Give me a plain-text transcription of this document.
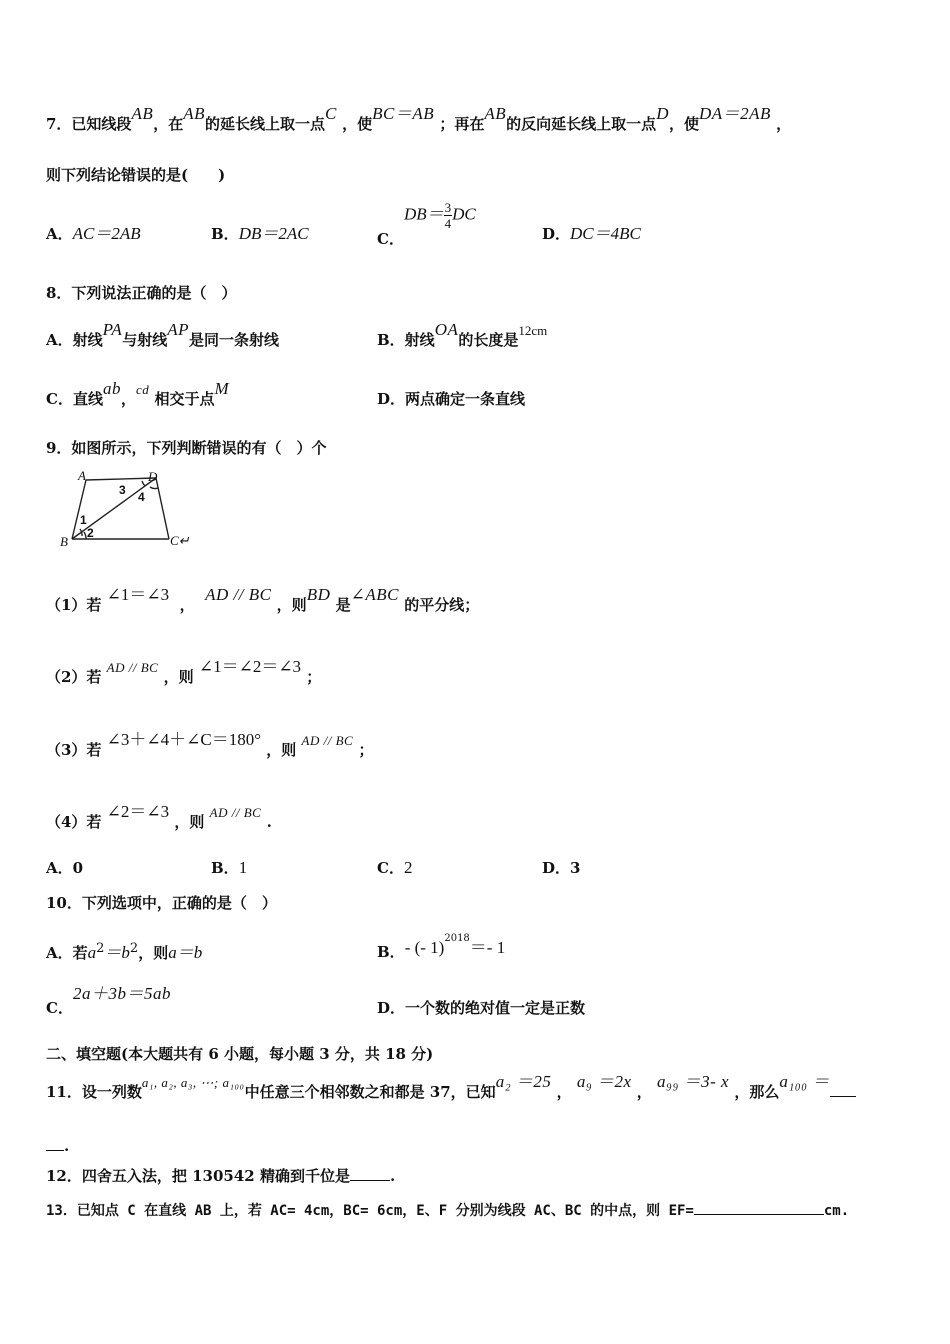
7．已知线段AB，在AB的延长线上取一点C ，使BC＝AB ；再在AB的反向延长线上取一点D，使DA＝2AB ，
则下列结论错误的是(　　)
A．AC＝2AB	B．DB＝2AC	C．$DB= \frac{3}{4}$ DC
D．DC＝4BC
8．下列说法正确的是（　）
A．射线PA与射线AP是同一条射线	B．射线OA的长度是12cm
C．直线ab，cd 相交于点M
D．两点确定一条直线
9．如图所示，下列判断错误的有（　）个
A	D
B	C↵
1
2
3 4
（1）若 ∠1＝∠3  ，  AD // BC ，则BD 是∠ABC 的平分线；
（2）若 AD // BC ，则 ∠1＝∠2＝∠3 ；
（3）若 ∠3＋∠4＋∠C＝180° ，则 AD // BC ；
（4）若 ∠2＝∠3 ，则 AD // BC .
A．0	B．1	C．2	D．3
10．下列选项中，正确的是（　）
A．若$a^2=b^2$，则a＝b	B．- (- 1)$^{2018}$＝- 1
C．2a＋3b＝5ab
D．一个数的绝对值一定是正数
二、填空题(本大题共有 6 小题，每小题 3 分，共 18 分)
11．设一列数a₁, a₂, a₃, ⋯; a₁₀₀中任意三个相邻数之和都是 37，已知a₂ ＝25 ， a₉ ＝2x ， a₉₉ ＝3- x ，那么a₁₀₀ ＝
.
12．四舍五入法，把 130542 精确到千位是	.
13．已知点 C 在直线 AB 上，若 AC= 4cm，BC= 6cm，E、F 分别为线段 AC、BC 的中点，则 EF=	cm.
